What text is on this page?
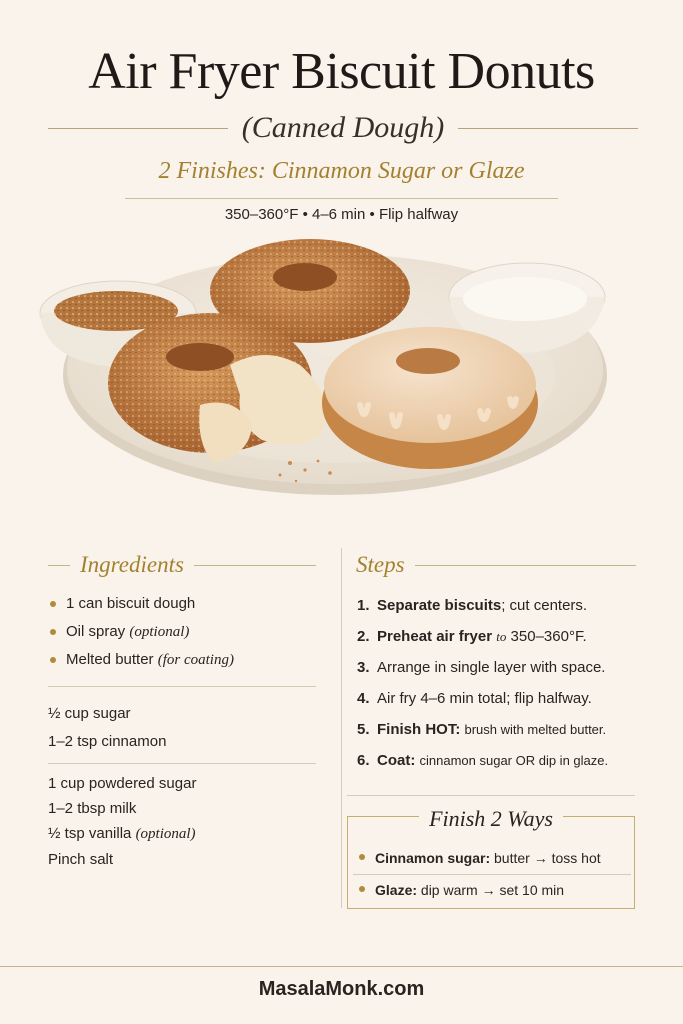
Air Fryer Biscuit Donuts
(Canned Dough)
2 Finishes: Cinnamon Sugar or Glaze
350–360°F • 4–6 min • Flip halfway
Ingredients
1 can biscuit dough
Oil spray (optional)
Melted butter (for coating)
½ cup sugar
1–2 tsp cinnamon
1 cup powdered sugar
1–2 tbsp milk
½ tsp vanilla (optional)
Pinch salt
Steps
1. Separate biscuits; cut centers.
2. Preheat air fryer to 350–360°F.
3. Arrange in single layer with space.
4. Air fry 4–6 min total; flip halfway.
5. Finish HOT: brush with melted butter.
6. Coat: cinnamon sugar OR dip in glaze.
Finish 2 Ways
Cinnamon sugar: butter → toss hot
Glaze: dip warm → set 10 min
MasalaMonk.com
